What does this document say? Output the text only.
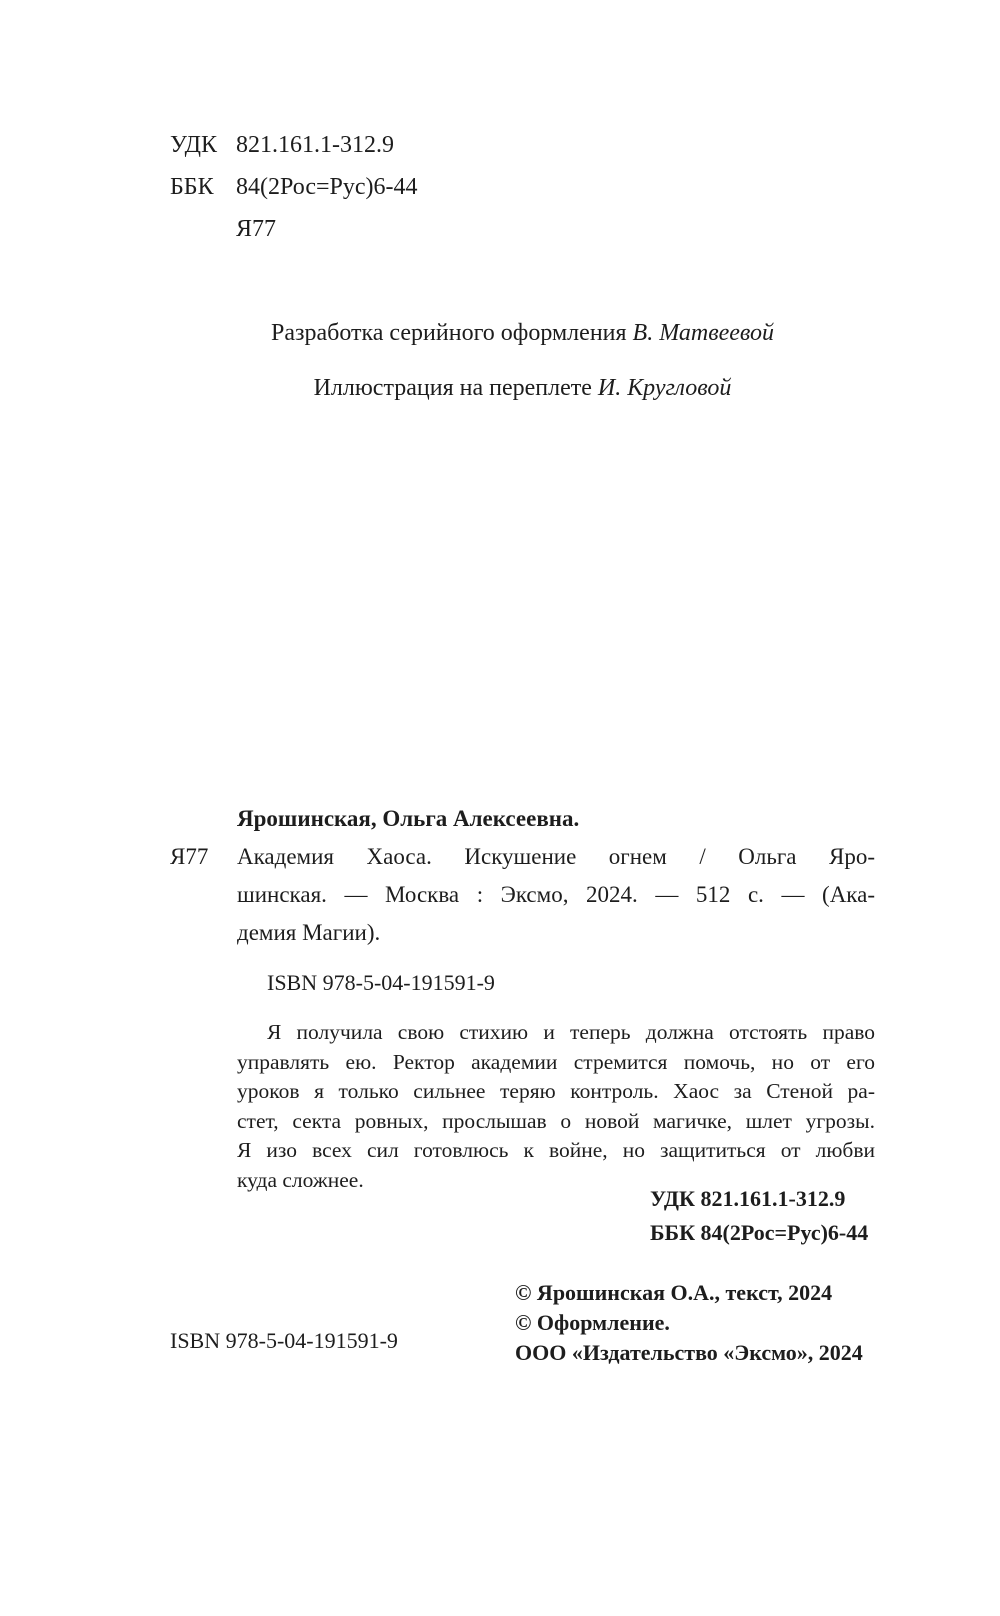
УДК 821.161.1-312.9
ББК 84(2Рос=Рус)6-44
Я77
Разработка серийного оформления В. Матвеевой
Иллюстрация на переплете И. Кругловой
Я77
Ярошинская, Ольга Алексеевна.
Академия Хаоса. Искушение огнем / Ольга Яро-
шинская. — Москва : Эксмо, 2024. — 512 с. — (Ака-
демия Магии).
ISBN 978-5-04-191591-9
Я получила свою стихию и теперь должна отстоять право
управлять ею. Ректор академии стремится помочь, но от его
уроков я только сильнее теряю контроль. Хаос за Стеной ра-
стет, секта ровных, прослышав о новой магичке, шлет угрозы.
Я изо всех сил готовлюсь к войне, но защититься от любви
куда сложнее.
УДК 821.161.1-312.9
ББК 84(2Рос=Рус)6-44
© Ярошинская О.А., текст, 2024
© Оформление.
ООО «Издательство «Эксмо», 2024
ISBN 978-5-04-191591-9
